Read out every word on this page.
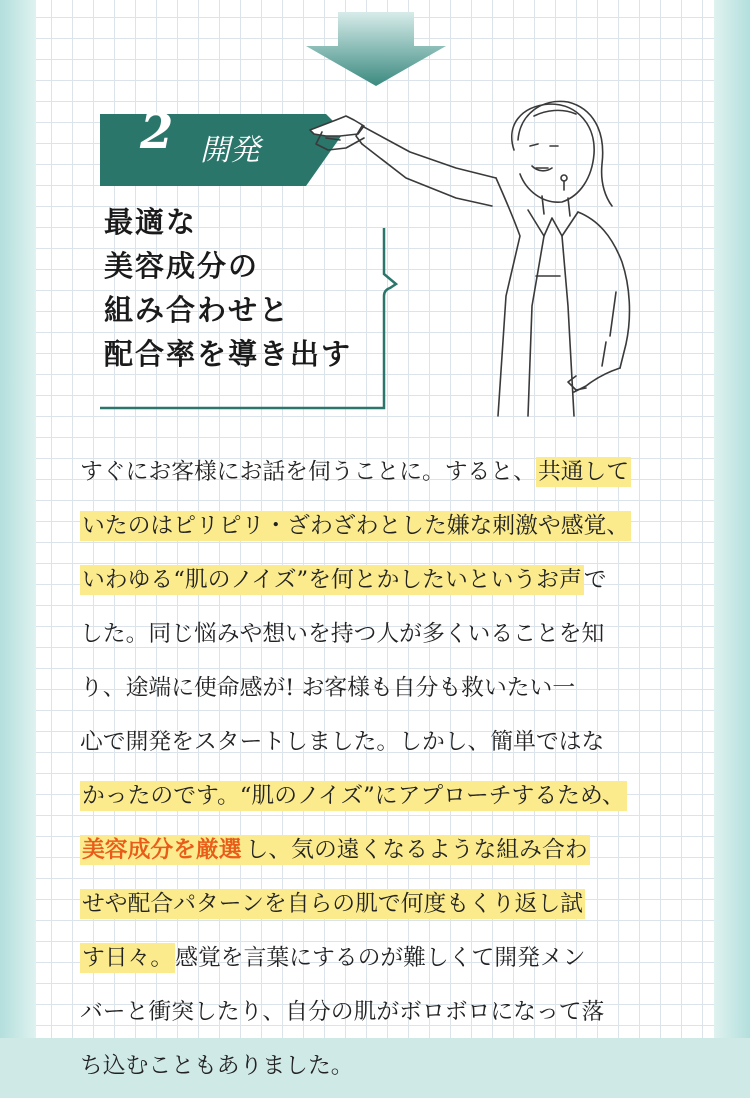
2 開発
最適な
美容成分の
組み合わせと
配合率を導き出す
すぐにお客様にお話を伺うことに。すると、共通して
いたのはピリピリ・ざわざわとした嫌な刺激や感覚、
いわゆる“肌のノイズ”を何とかしたいというお声で
した。同じ悩みや想いを持つ人が多くいることを知
り、途端に使命感が! お客様も自分も救いたい一
心で開発をスタートしました。しかし、簡単ではな
かったのです。“肌のノイズ”にアプローチするため、
美容成分を厳選 し、気の遠くなるような組み合わ
せや配合パターンを自らの肌で何度もくり返し試
す日々。感覚を言葉にするのが難しくて開発メン
バーと衝突したり、自分の肌がボロボロになって落
ち込むこともありました。
